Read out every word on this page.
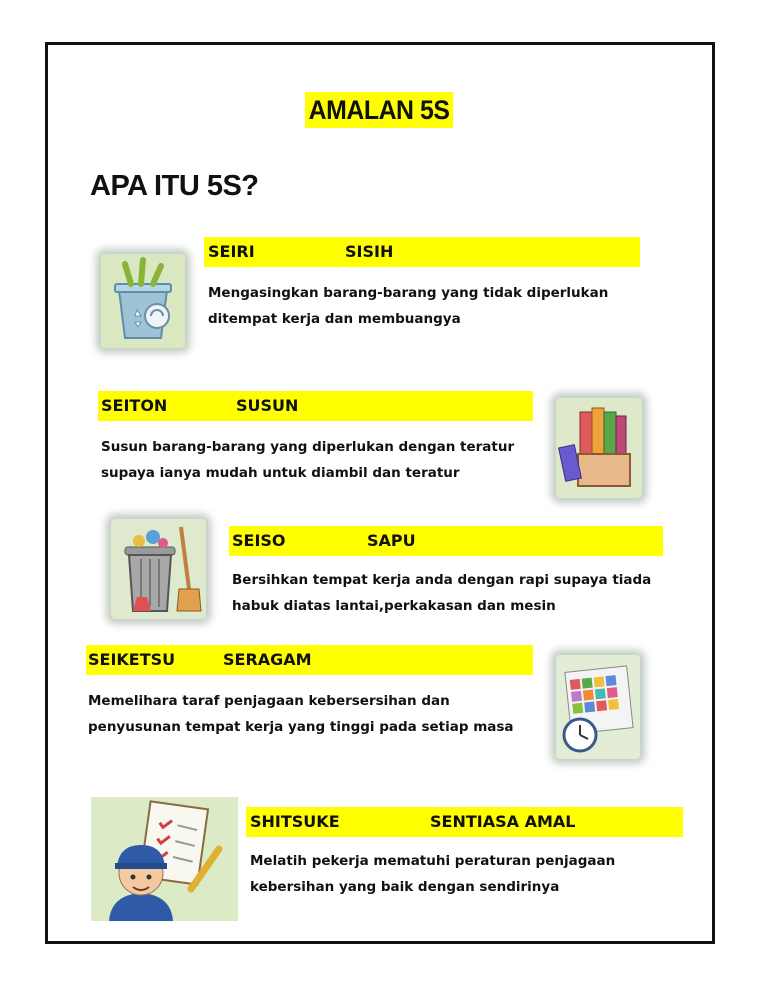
AMALAN 5S
APA ITU 5S?
SEIRI	SISIH
Mengasingkan barang-barang yang tidak diperlukan
ditempat kerja dan membuangya
SEITON	SUSUN
Susun barang-barang yang diperlukan dengan teratur
supaya ianya mudah untuk diambil dan teratur
SEISO	SAPU
Bersihkan tempat kerja anda dengan rapi supaya tiada
habuk diatas lantai,perkakasan dan mesin
SEIKETSU	SERAGAM
Memelihara taraf penjagaan kebersersihan dan
penyusunan tempat kerja yang tinggi pada setiap masa
SHITSUKE	SENTIASA AMAL
Melatih pekerja mematuhi peraturan penjagaan
kebersihan yang baik dengan sendirinya
